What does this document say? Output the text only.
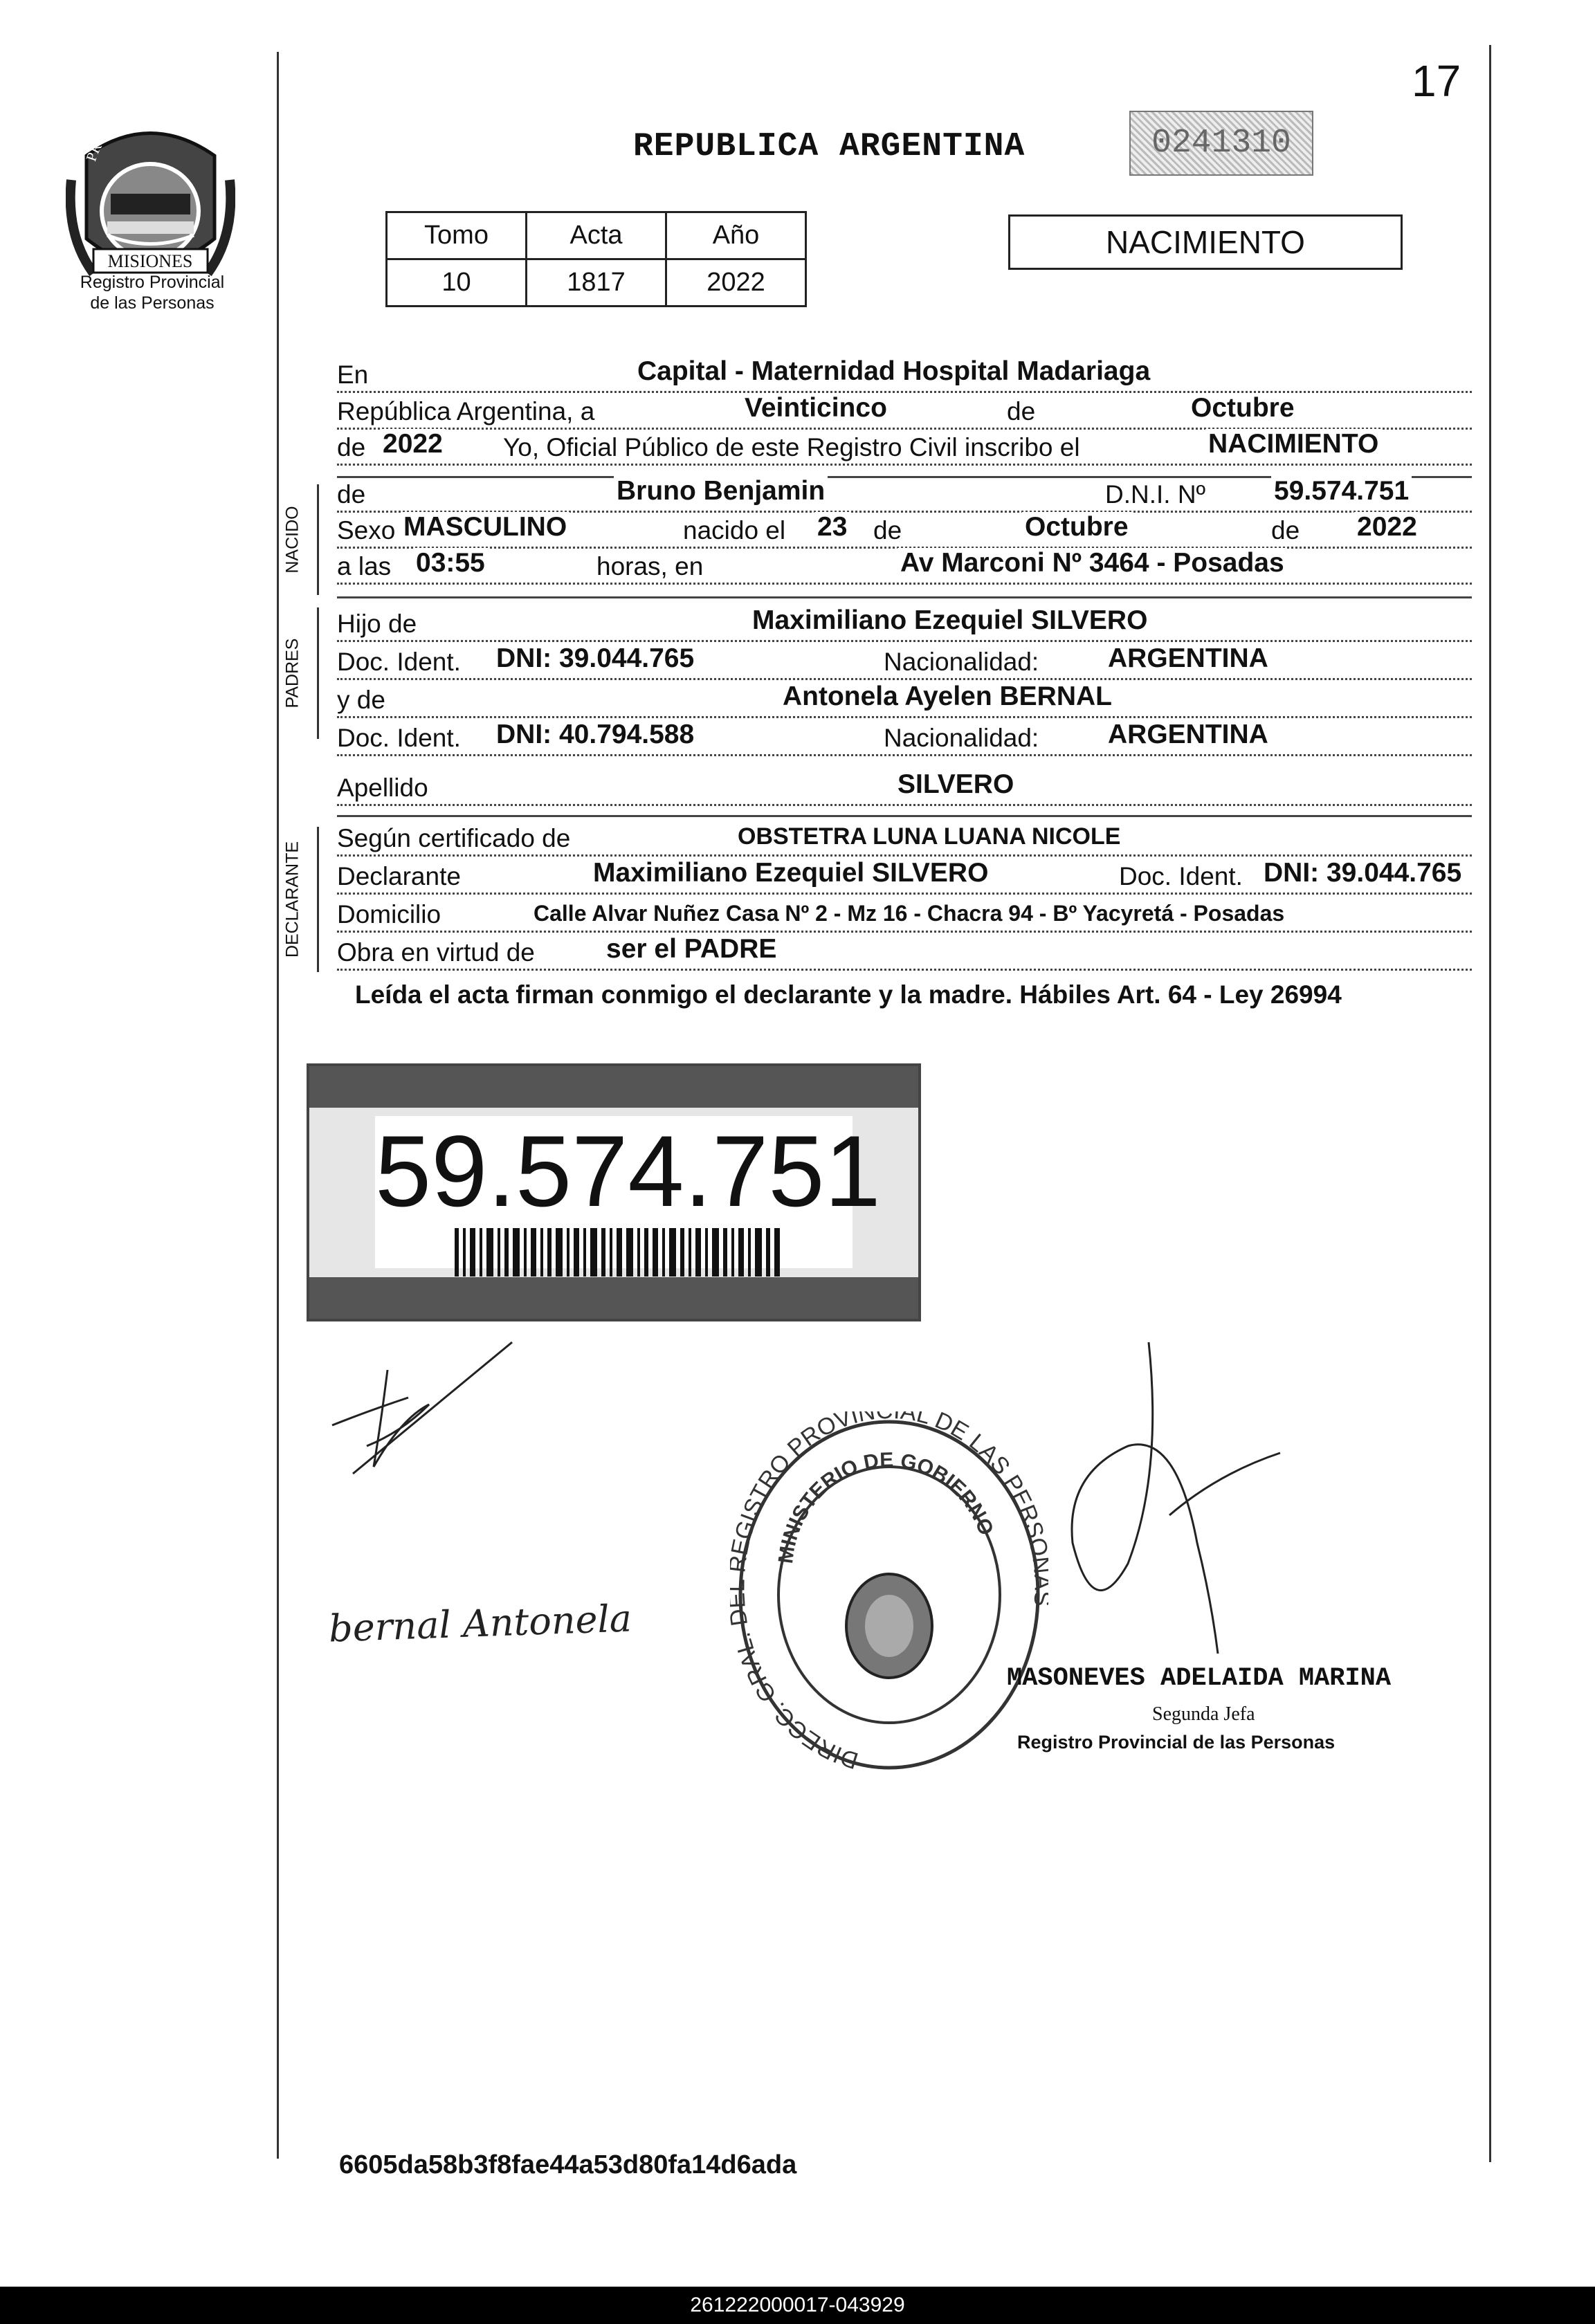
17
PROVIN E
MISIONES
Registro Provincial
de las Personas
REPUBLICA ARGENTINA	0241310
Tomo	Acta	Año
10	1817	2022
NACIMIENTO
En	Capital - Maternidad Hospital Madariaga
República Argentina, a	Veinticinco	de	Octubre
de 2022 Yo, Oficial Público de este Registro Civil inscribo el	NACIMIENTO
NACIDO
de	Bruno Benjamin	D.N.I. Nº	59.574.751
Sexo MASCULINO	nacido el 23 de	Octubre	de 2022
a las 03:55	horas, en	Av Marconi Nº 3464 - Posadas
PADRES
Hijo de	Maximiliano Ezequiel SILVERO
Doc. Ident. DNI: 39.044.765	Nacionalidad:	ARGENTINA
y de	Antonela Ayelen BERNAL
Doc. Ident. DNI: 40.794.588	Nacionalidad:	ARGENTINA
Apellido	SILVERO
DECLARANTE
Según certificado de	OBSTETRA LUNA LUANA NICOLE
Declarante	Maximiliano Ezequiel SILVERO	Doc. Ident. DNI: 39.044.765
Domicilio	Calle Alvar Nuñez Casa Nº 2 - Mz 16 - Chacra 94 - Bº Yacyretá - Posadas
Obra en virtud de	ser el PADRE
Leída el acta firman conmigo el declarante y la madre. Hábiles Art. 64 - Ley 26994
59.574.751
bernal Antonela
DIRECC. GRAL. GISTRO PROVIN AL DE LAS PERS
MINISTERIO DE GOBIERNO
MASONEVES ADELAIDA MARINA
Segunda Jefa
Registro Provincial de las Personas
6605da58b3f8fae44a53d80fa14d6ada
261222000017-043929
